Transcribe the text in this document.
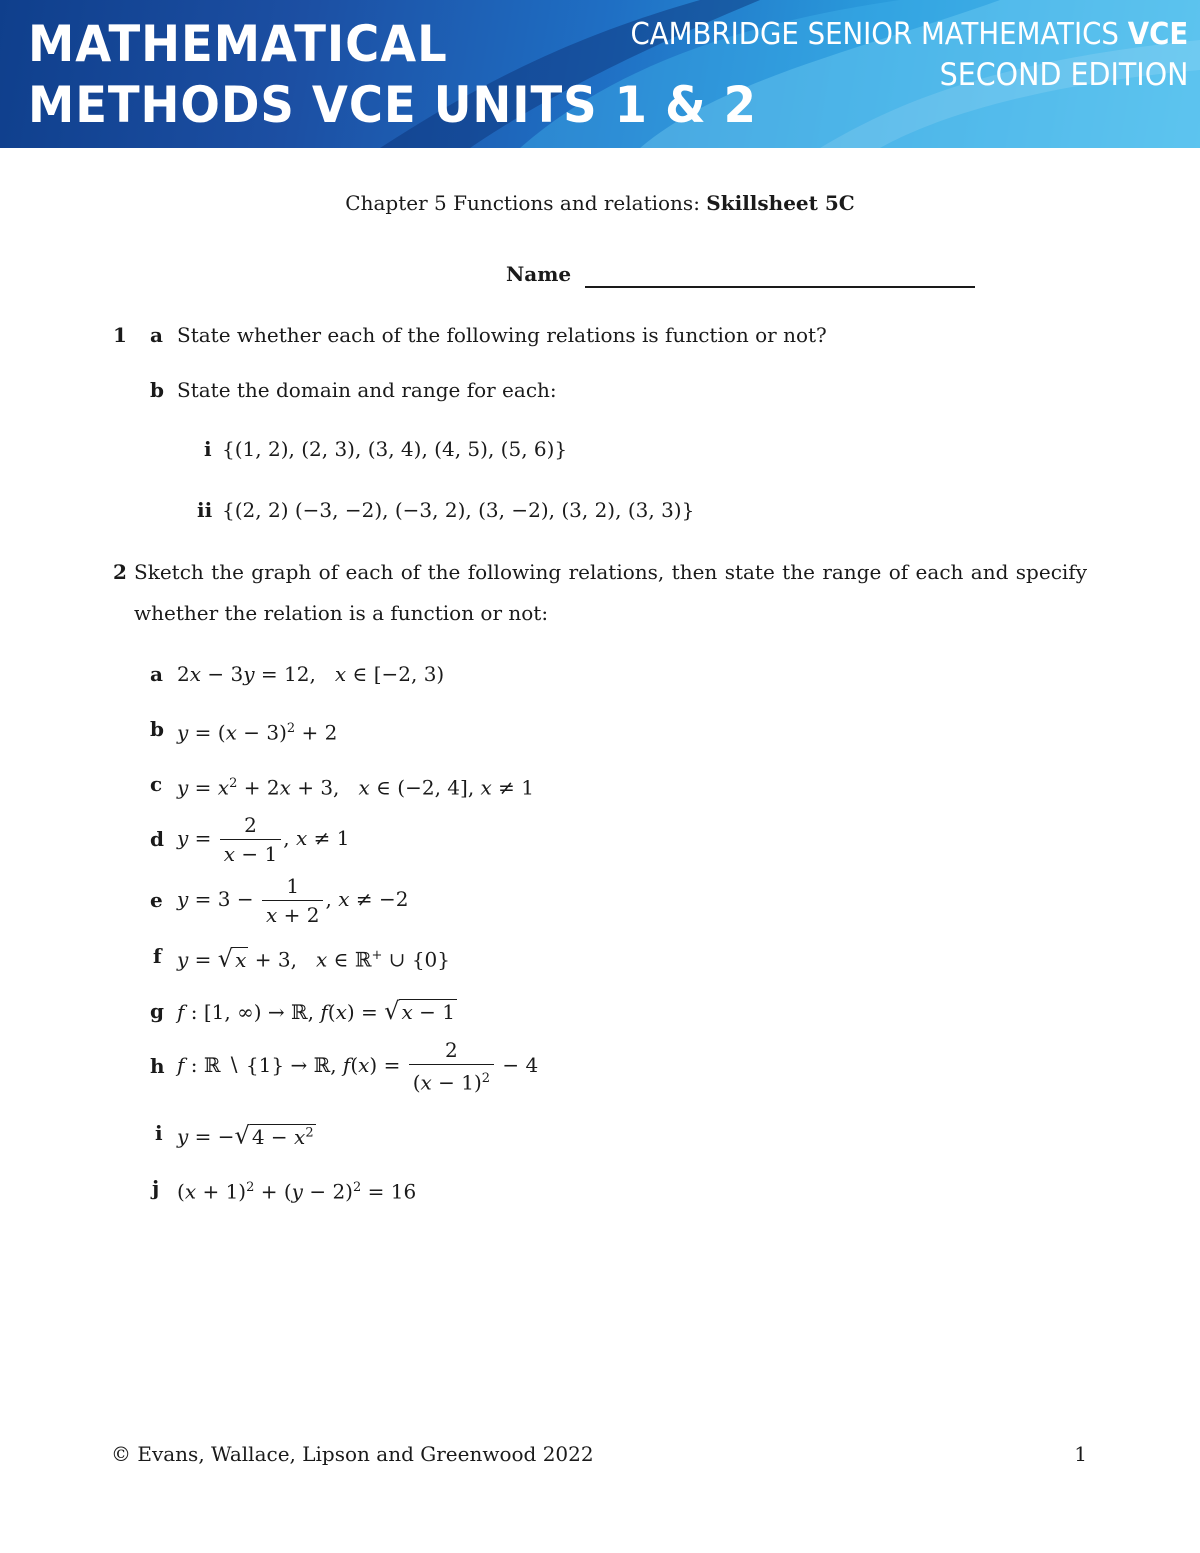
MATHEMATICAL
METHODS VCE UNITS 1 & 2
CAMBRIDGE SENIOR MATHEMATICS VCE
SECOND EDITION
Chapter 5 Functions and relations: Skillsheet 5C
Name
1 a State whether each of the following relations is function or not?
b State the domain and range for each:
i {(1, 2), (2, 3), (3, 4), (4, 5), (5, 6)}
ii {(2, 2) (−3, −2), (−3, 2), (3, −2), (3, 2), (3, 3)}
2 Sketch the graph of each of the following relations, then state the range of each and specify
whether the relation is a function or not:
a 2x − 3y = 12,   x ∈ [−2, 3)
b $y = (x - 3)^2 + 2$
c $y = x^2 + 2x + 3$,   x ∈ (−2, 4], x ≠ 1
d $y = \frac{2}{x - 1}$ , x ≠ 1
e $y = 3 - \frac{1}{x + 2}$ , x ≠ −2
f y = √ x + 3,   x ∈ ℝ+ ∪ {0}
g f : [1, ∞) → ℝ, f(x) = √ x − 1
h f : ℝ ∖ {1} → ℝ, $f(x) = \frac{2}{(x - 1)^2} - 4$
i y = −√ $4 - x^2$
j $(x + 1)^2 + (y - 2)^2 = 16$
© Evans, Wallace, Lipson and Greenwood 2022	1
